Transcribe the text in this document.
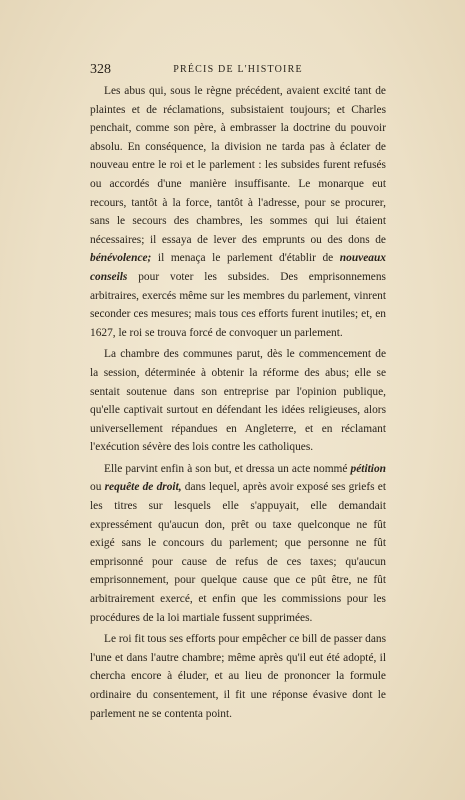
328	PRÉCIS DE L'HISTOIRE

Les abus qui, sous le règne précédent, avaient excité tant de plaintes et de réclamations, subsistaient toujours; et Charles penchait, comme son père, à embrasser la doctrine du pouvoir absolu. En conséquence, la division ne tarda pas à éclater de nouveau entre le roi et le parlement : les subsides furent refusés ou accordés d'une manière insuffisante. Le monarque eut recours, tantôt à la force, tantôt à l'adresse, pour se procurer, sans le secours des chambres, les sommes qui lui étaient nécessaires; il essaya de lever des emprunts ou des dons de bénévolence; il menaça le parlement d'établir de nouveaux conseils pour voter les subsides. Des emprisonnemens arbitraires, exercés même sur les membres du parlement, vinrent seconder ces mesures; mais tous ces efforts furent inutiles; et, en 1627, le roi se trouva forcé de convoquer un parlement.

La chambre des communes parut, dès le commencement de la session, déterminée à obtenir la réforme des abus; elle se sentait soutenue dans son entreprise par l'opinion publique, qu'elle captivait surtout en défendant les idées religieuses, alors universellement répandues en Angleterre, et en réclamant l'exécution sévère des lois contre les catholiques.

Elle parvint enfin à son but, et dressa un acte nommé pétition ou requête de droit, dans lequel, après avoir exposé ses griefs et les titres sur lesquels elle s'appuyait, elle demandait expressément qu'aucun don, prêt ou taxe quelconque ne fût exigé sans le concours du parlement; que personne ne fût emprisonné pour cause de refus de ces taxes; qu'aucun emprisonnement, pour quelque cause que ce pût être, ne fût arbitrairement exercé, et enfin que les commissions pour les procédures de la loi martiale fussent supprimées.

Le roi fit tous ses efforts pour empêcher ce bill de passer dans l'une et dans l'autre chambre; même après qu'il eut été adopté, il chercha encore à éluder, et au lieu de prononcer la formule ordinaire du consentement, il fit une réponse évasive dont le parlement ne se contenta point.
